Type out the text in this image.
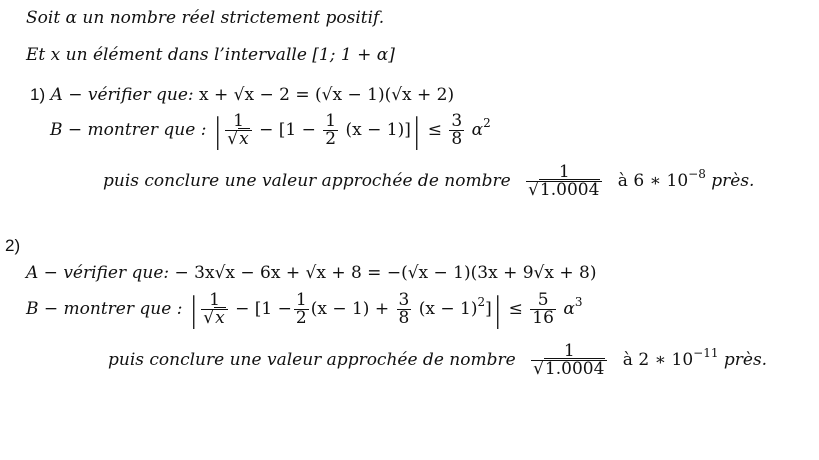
Soit α un nombre réel strictement positif.
Et x un élément dans l’intervalle [1; 1 + α]
1) A − vérifier que: x + √x − 2 = (√x − 1)(√x + 2)
B − montrer que : | $\frac{1}{√x} - [1 - \frac{1}{2} (x - 1)]| \le \frac{3}{8} \alpha^2$
puis conclure une valeur approchée de nombre $\frac{1}{√1.0004}$ à 6 ∗ $10^{-8}$ près.
2)
A − vérifier que: − 3x√x − 6x + √x + 8 = −(√x − 1)(3x + 9√x + 8)
B − montrer que : | $\frac{1}{√x} - [1 - \frac{1}{2} (x - 1) + \frac{3}{8} (x - 1)^2]| \le \frac{5}{16} \alpha^3$
puis conclure une valeur approchée de nombre $\frac{1}{√1.0004}$ à 2 ∗ $10^{-11}$ près.
